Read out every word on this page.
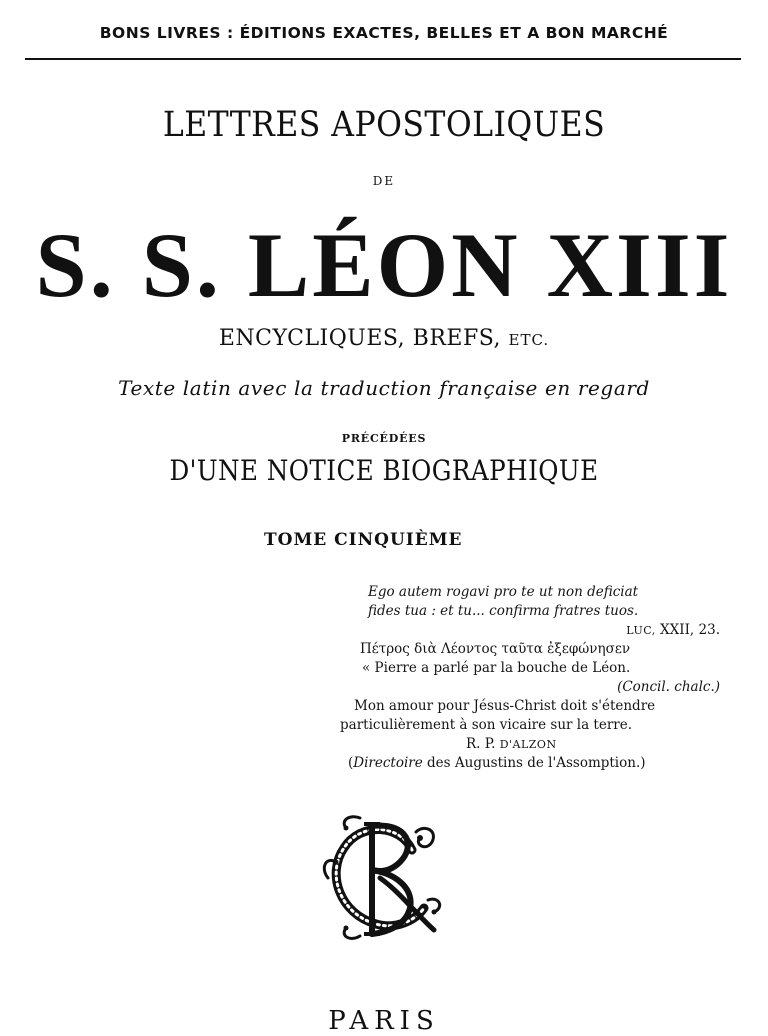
BONS LIVRES : ÉDITIONS EXACTES, BELLES ET A BON MARCHÉ
LETTRES APOSTOLIQUES
DE
S. S. LÉON XIII
ENCYCLIQUES, BREFS, ETC.
Texte latin avec la traduction française en regard
PRÉCÉDÉES
D'UNE NOTICE BIOGRAPHIQUE
TOME CINQUIÈME
Ego autem rogavi pro te ut non deficiat
fides tua : et tu... confirma fratres tuos.
LUC, XXII, 23.
Πέτρος διὰ Λέοντος ταῦτα ἐξεφώνησεν
« Pierre a parlé par la bouche de Léon.
(Concil. chalc.)
Mon amour pour Jésus-Christ doit s'étendre
particulièrement à son vicaire sur la terre.
R. P. D'ALZON
(Directoire des Augustins de l'Assomption.)
PARIS
